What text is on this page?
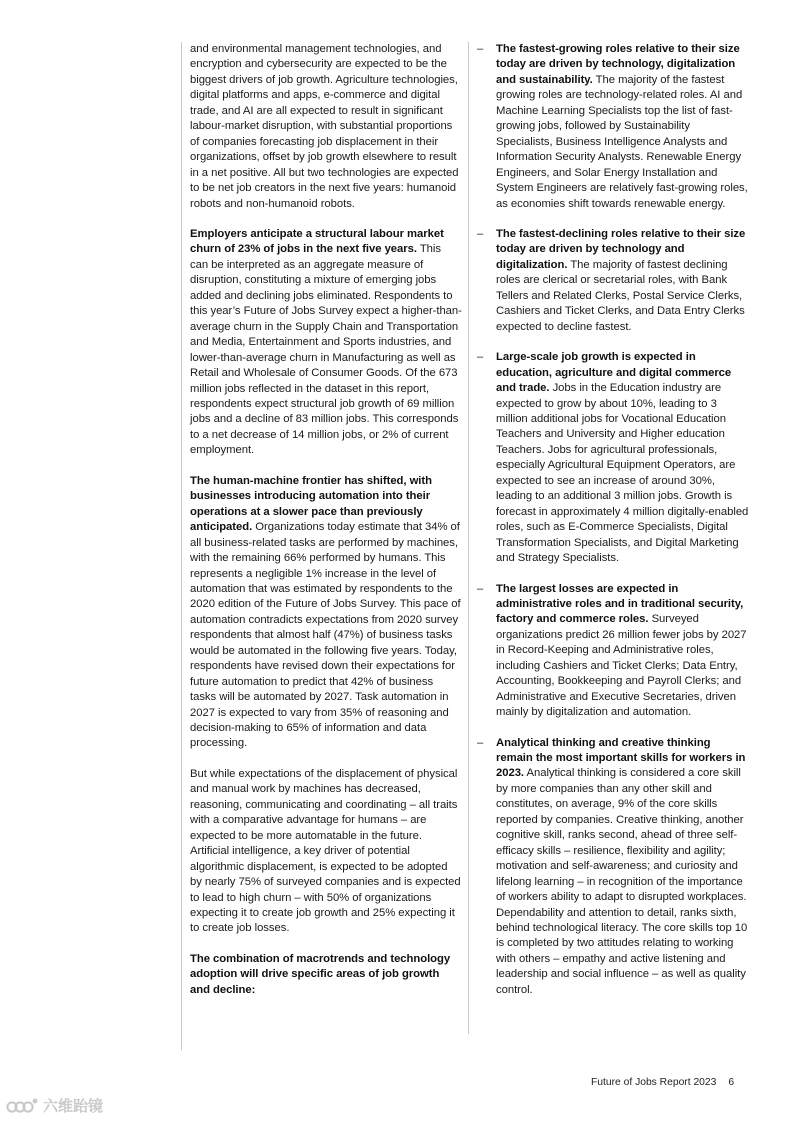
and environmental management technologies, and encryption and cybersecurity are expected to be the biggest drivers of job growth. Agriculture technologies, digital platforms and apps, e-commerce and digital trade, and AI are all expected to result in significant labour-market disruption, with substantial proportions of companies forecasting job displacement in their organizations, offset by job growth elsewhere to result in a net positive. All but two technologies are expected to be net job creators in the next five years: humanoid robots and non-humanoid robots.

Employers anticipate a structural labour market churn of 23% of jobs in the next five years. This can be interpreted as an aggregate measure of disruption, constituting a mixture of emerging jobs added and declining jobs eliminated. Respondents to this year’s Future of Jobs Survey expect a higher-than-average churn in the Supply Chain and Transportation and Media, Entertainment and Sports industries, and lower-than-average churn in Manufacturing as well as Retail and Wholesale of Consumer Goods. Of the 673 million jobs reflected in the dataset in this report, respondents expect structural job growth of 69 million jobs and a decline of 83 million jobs. This corresponds to a net decrease of 14 million jobs, or 2% of current employment.

The human-machine frontier has shifted, with businesses introducing automation into their operations at a slower pace than previously anticipated. Organizations today estimate that 34% of all business-related tasks are performed by machines, with the remaining 66% performed by humans. This represents a negligible 1% increase in the level of automation that was estimated by respondents to the 2020 edition of the Future of Jobs Survey. This pace of automation contradicts expectations from 2020 survey respondents that almost half (47%) of business tasks would be automated in the following five years. Today, respondents have revised down their expectations for future automation to predict that 42% of business tasks will be automated by 2027. Task automation in 2027 is expected to vary from 35% of reasoning and decision-making to 65% of information and data processing.

But while expectations of the displacement of physical and manual work by machines has decreased, reasoning, communicating and coordinating – all traits with a comparative advantage for humans – are expected to be more automatable in the future. Artificial intelligence, a key driver of potential algorithmic displacement, is expected to be adopted by nearly 75% of surveyed companies and is expected to lead to high churn – with 50% of organizations expecting it to create job growth and 25% expecting it to create job losses.

The combination of macrotrends and technology adoption will drive specific areas of job growth and decline:

– The fastest-growing roles relative to their size today are driven by technology, digitalization and sustainability. The majority of the fastest growing roles are technology-related roles. AI and Machine Learning Specialists top the list of fast-growing jobs, followed by Sustainability Specialists, Business Intelligence Analysts and Information Security Analysts. Renewable Energy Engineers, and Solar Energy Installation and System Engineers are relatively fast-growing roles, as economies shift towards renewable energy.
– The fastest-declining roles relative to their size today are driven by technology and digitalization. The majority of fastest declining roles are clerical or secretarial roles, with Bank Tellers and Related Clerks, Postal Service Clerks, Cashiers and Ticket Clerks, and Data Entry Clerks expected to decline fastest.
– Large-scale job growth is expected in education, agriculture and digital commerce and trade. Jobs in the Education industry are expected to grow by about 10%, leading to 3 million additional jobs for Vocational Education Teachers and University and Higher education Teachers. Jobs for agricultural professionals, especially Agricultural Equipment Operators, are expected to see an increase of around 30%, leading to an additional 3 million jobs. Growth is forecast in approximately 4 million digitally-enabled roles, such as E-Commerce Specialists, Digital Transformation Specialists, and Digital Marketing and Strategy Specialists.
– The largest losses are expected in administrative roles and in traditional security, factory and commerce roles. Surveyed organizations predict 26 million fewer jobs by 2027 in Record-Keeping and Administrative roles, including Cashiers and Ticket Clerks; Data Entry, Accounting, Bookkeeping and Payroll Clerks; and Administrative and Executive Secretaries, driven mainly by digitalization and automation.
– Analytical thinking and creative thinking remain the most important skills for workers in 2023. Analytical thinking is considered a core skill by more companies than any other skill and constitutes, on average, 9% of the core skills reported by companies. Creative thinking, another cognitive skill, ranks second, ahead of three self-efficacy skills – resilience, flexibility and agility; motivation and self-awareness; and curiosity and lifelong learning – in recognition of the importance of workers ability to adapt to disrupted workplaces. Dependability and attention to detail, ranks sixth, behind technological literacy. The core skills top 10 is completed by two attitudes relating to working with others – empathy and active listening and leadership and social influence – as well as quality control.
Future of Jobs Report 2023 6
六维跆镜
